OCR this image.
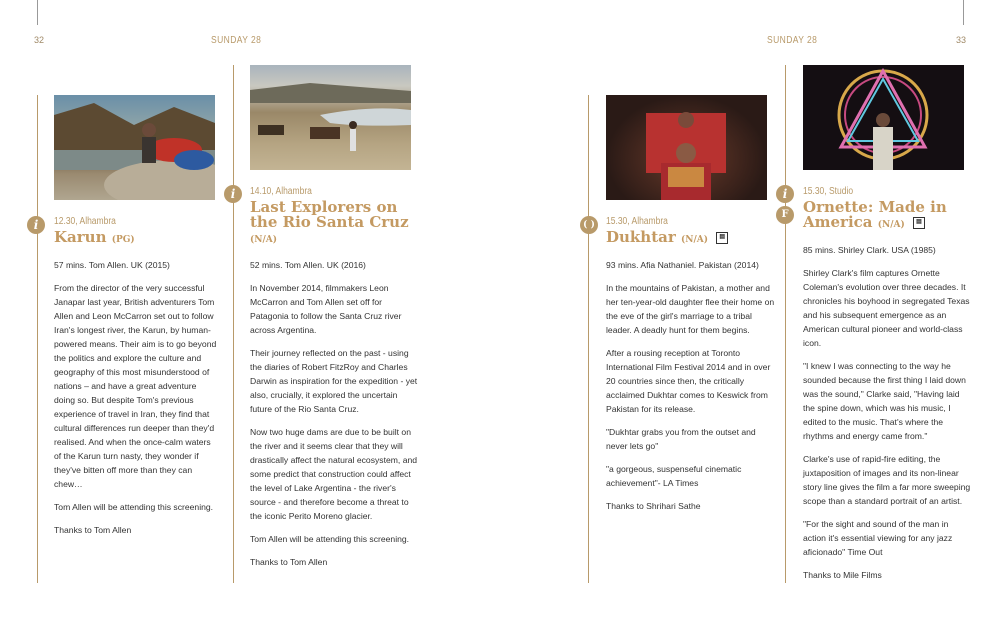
32	SUNDAY 28	SUNDAY 28	33
i	12.30, Alhambra
Karun (PG)

57 mins. Tom Allen. UK (2015)

From the director of the very successful Janapar last year, British adventurers Tom Allen and Leon McCarron set out to follow Iran's longest river, the Karun, by human-powered means. Their aim is to go beyond the politics and explore the culture and geography of this most misunderstood of nations – and have a great adventure doing so. But despite Tom's previous experience of travel in Iran, they find that cultural differences run deeper than they'd realised. And when the once-calm waters of the Karun turn nasty, they wonder if they've bitten off more than they can chew…

Tom Allen will be attending this screening.

Thanks to Tom Allen

i	14.10, Alhambra
Last Explorers on the Rio Santa Cruz (N/A)

52 mins. Tom Allen. UK (2016)

In November 2014, filmmakers Leon McCarron and Tom Allen set off for Patagonia to follow the Santa Cruz river across Argentina.

Their journey reflected on the past - using the diaries of Robert FitzRoy and Charles Darwin as inspiration for the expedition - yet also, crucially, it explored the uncertain future of the Rio Santa Cruz.

Now two huge dams are due to be built on the river and it seems clear that they will drastically affect the natural ecosystem, and some predict that construction could affect the level of Lake Argentina - the river's source - and therefore become a threat to the iconic Perito Moreno glacier.

Tom Allen will be attending this screening.

Thanks to Tom Allen

( )	15.30, Alhambra
Dukhtar (N/A) ▤

93 mins. Afia Nathaniel. Pakistan (2014)

In the mountains of Pakistan, a mother and her ten-year-old daughter flee their home on the eve of the girl's marriage to a tribal leader. A deadly hunt for them begins.

After a rousing reception at Toronto International Film Festival 2014 and in over 20 countries since then, the critically acclaimed Dukhtar comes to Keswick from Pakistan for its release.

"Dukhtar grabs you from the outset and never lets go"

"a gorgeous, suspenseful cinematic achievement"- LA Times

Thanks to Shrihari Sathe

i
F
15.30, Studio
Ornette: Made in America (N/A) ▤

85 mins. Shirley Clark. USA (1985)

Shirley Clark's film captures Ornette Coleman's evolution over three decades. It chronicles his boyhood in segregated Texas and his subsequent emergence as an American cultural pioneer and world-class icon.

"I knew I was connecting to the way he sounded because the first thing I laid down was the sound," Clarke said, "Having laid the spine down, which was his music, I edited to the music. That's where the rhythms and energy came from."

Clarke's use of rapid-fire editing, the juxtaposition of images and its non-linear story line gives the film a far more sweeping scope than a standard portrait of an artist.

"For the sight and sound of the man in action it's essential viewing for any jazz aficionado" Time Out

Thanks to Mile Films
